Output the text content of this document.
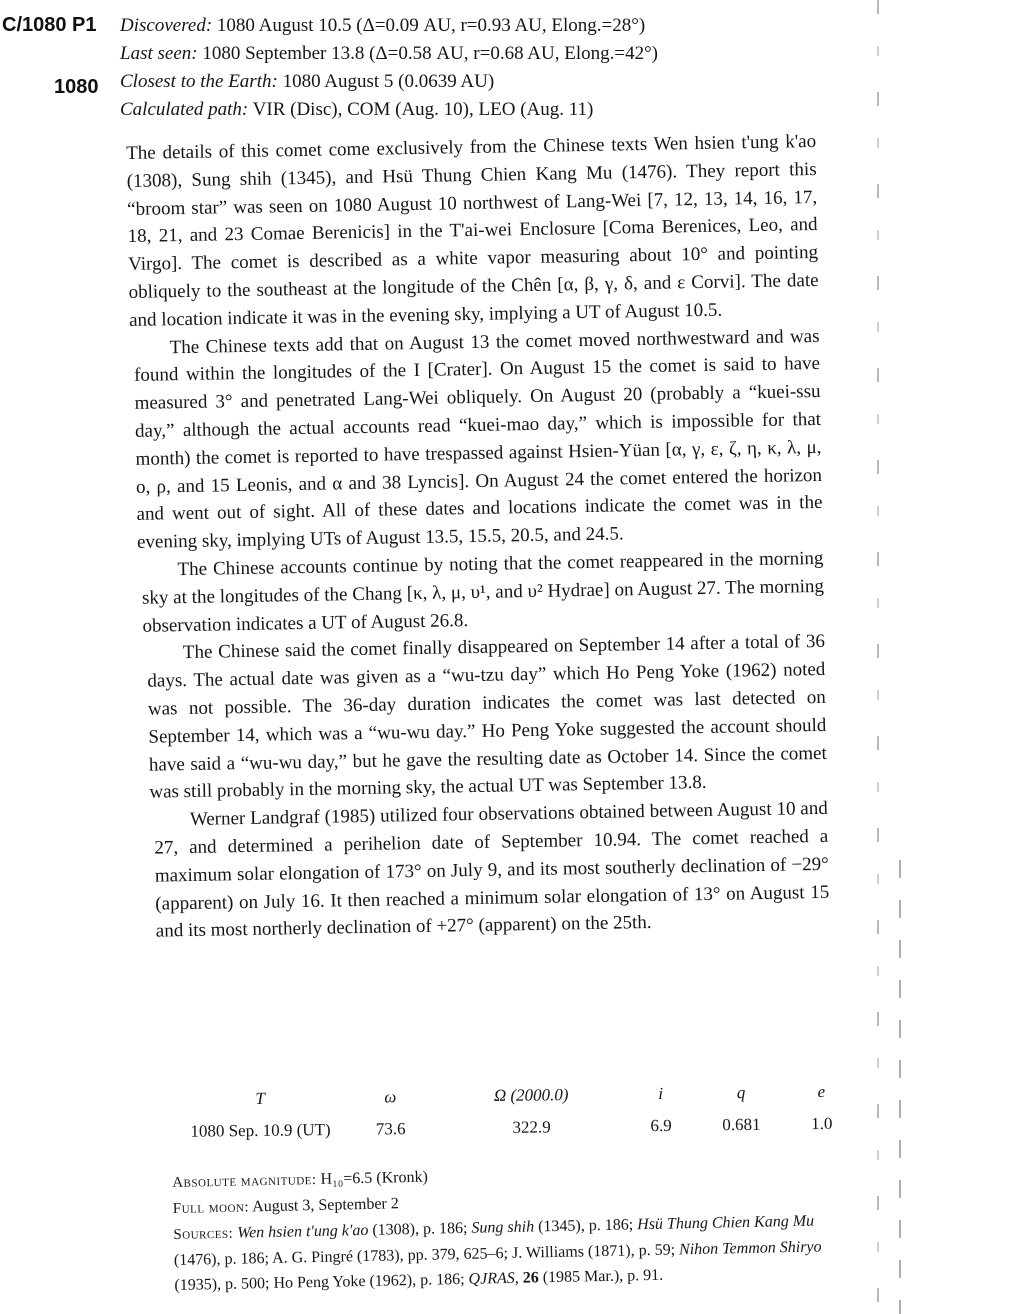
C/1080 P1
1080
Discovered: 1080 August 10.5 (Δ=0.09 AU, r=0.93 AU, Elong.=28°)
Last seen: 1080 September 13.8 (Δ=0.58 AU, r=0.68 AU, Elong.=42°)
Closest to the Earth: 1080 August 5 (0.0639 AU)
Calculated path: VIR (Disc), COM (Aug. 10), LEO (Aug. 11)

The details of this comet come exclusively from the Chinese texts Wen hsien t'ung k'ao (1308), Sung shih (1345), and Hsü Thung Chien Kang Mu (1476). They report this “broom star” was seen on 1080 August 10 northwest of Lang-Wei [7, 12, 13, 14, 16, 17, 18, 21, and 23 Comae Berenicis] in the T'ai-wei Enclosure [Coma Berenices, Leo, and Virgo]. The comet is described as a white vapor measuring about 10° and pointing obliquely to the southeast at the longitude of the Chên [α, β, γ, δ, and ε Corvi]. The date and location indicate it was in the evening sky, implying a UT of August 10.5.

The Chinese texts add that on August 13 the comet moved northwestward and was found within the longitudes of the I [Crater]. On August 15 the comet is said to have measured 3° and penetrated Lang-Wei obliquely. On August 20 (probably a “kuei-ssu day,” although the actual accounts read “kuei-mao day,” which is impossible for that month) the comet is reported to have trespassed against Hsien-Yüan [α, γ, ε, ζ, η, κ, λ, μ, ο, ρ, and 15 Leonis, and α and 38 Lyncis]. On August 24 the comet entered the horizon and went out of sight. All of these dates and locations indicate the comet was in the evening sky, implying UTs of August 13.5, 15.5, 20.5, and 24.5.

The Chinese accounts continue by noting that the comet reappeared in the morning sky at the longitudes of the Chang [κ, λ, μ, υ¹, and υ² Hydrae] on August 27. The morning observation indicates a UT of August 26.8.

The Chinese said the comet finally disappeared on September 14 after a total of 36 days. The actual date was given as a “wu-tzu day” which Ho Peng Yoke (1962) noted was not possible. The 36-day duration indicates the comet was last detected on September 14, which was a “wu-wu day.” Ho Peng Yoke suggested the account should have said a “wu-wu day,” but he gave the resulting date as October 14. Since the comet was still probably in the morning sky, the actual UT was September 13.8.

Werner Landgraf (1985) utilized four observations obtained between August 10 and 27, and determined a perihelion date of September 10.94. The comet reached a maximum solar elongation of 173° on July 9, and its most southerly declination of −29° (apparent) on July 16. It then reached a minimum solar elongation of 13° on August 15 and its most northerly declination of +27° (apparent) on the 25th.

T	ω	Ω (2000.0)	i	q	e
1080 Sep. 10.9 (UT)	73.6	322.9	6.9	0.681	1.0

Absolute magnitude: H₁₀=6.5 (Kronk)

Full moon: August 3, September 2

Sources: Wen hsien t'ung k'ao (1308), p. 186; Sung shih (1345), p. 186; Hsü Thung Chien Kang Mu (1476), p. 186; A. G. Pingré (1783), pp. 379, 625–6; J. Williams (1871), p. 59; Nihon Temmon Shiryo (1935), p. 500; Ho Peng Yoke (1962), p. 186; QJRAS, 26 (1985 Mar.), p. 91.
